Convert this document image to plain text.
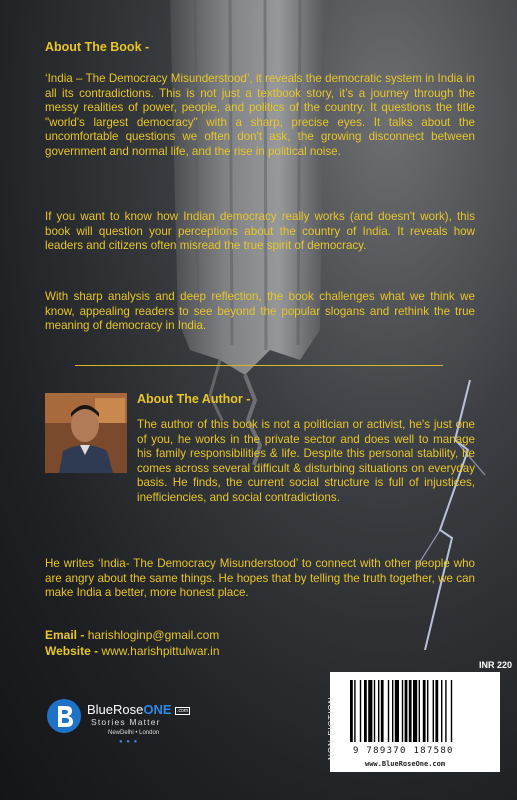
About The Book -

‘India – The Democracy Misunderstood’, it reveals the democratic system in India in all its contradictions. This is not just a textbook story, it’s a journey through the messy realities of power, people, and politics of the country. It questions the title "world's largest democracy" with a sharp, precise eyes. It talks about the uncomfortable questions we often don't ask, the growing disconnect between government and normal life, and the rise in political noise.

If you want to know how Indian democracy really works (and doesn't work), this book will question your perceptions about the country of India. It reveals how leaders and citizens often misread the true spirit of democracy.

With sharp analysis and deep reflection, the book challenges what we think we know, appealing readers to see beyond the popular slogans and rethink the true meaning of democracy in India.

About The Author -

The author of this book is not a politician or activist, he's just one of you, he works in the private sector and does well to manage his family responsibilities & life. Despite this personal stability, he comes across several difficult & disturbing situations on everyday basis. He finds, the current social structure is full of injustices, inefficiencies, and social contradictions.

He writes ‘India- The Democracy Misunderstood’ to connect with other people who are angry about the same things. He hopes that by telling the truth together, we can make India a better, more honest place.

Email - harishloginp@gmail.com
Website - www.harishpittulwar.in
BlueRoseONE .com
Stories Matter
NewDelhi • London
● ● ●
INR 220
9 789370 187580
www.BlueRoseOne.com
NON-FICTION
